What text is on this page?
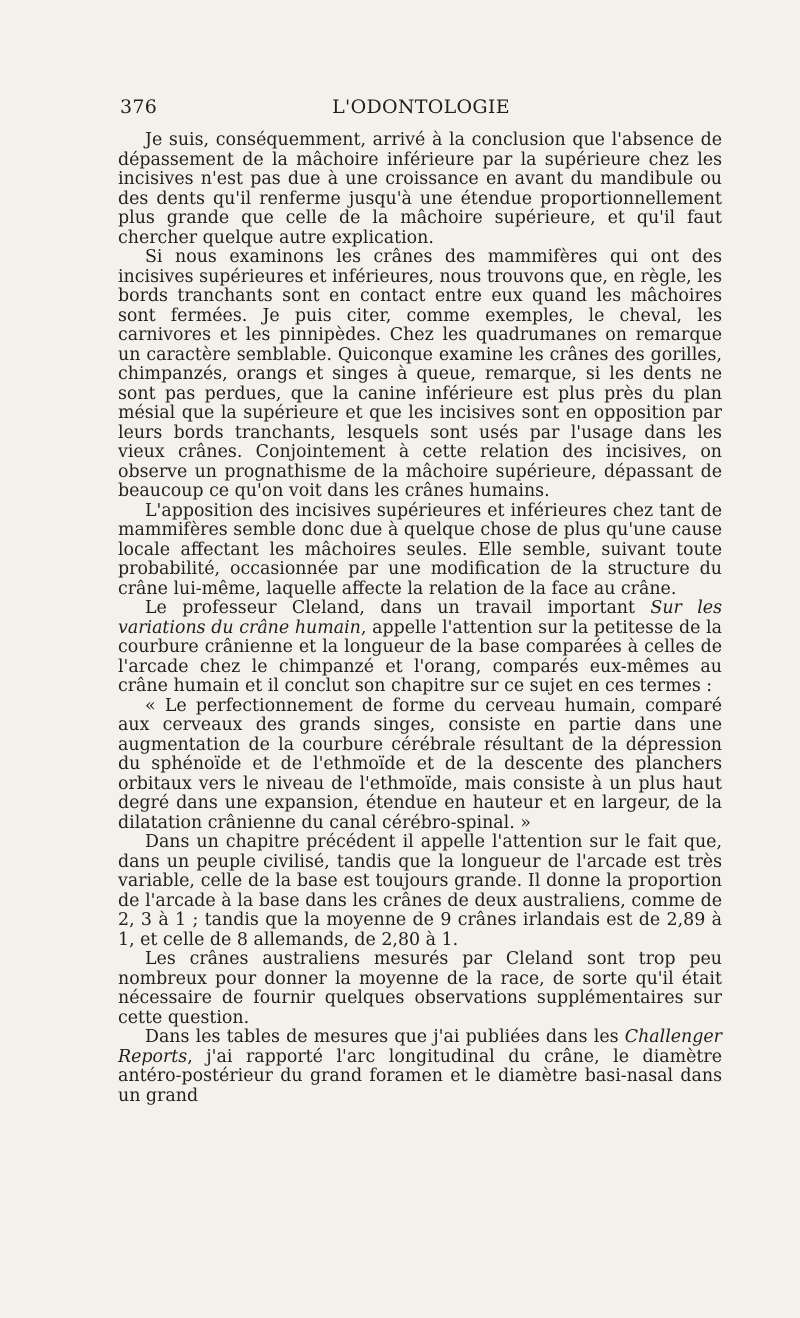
376	L'ODONTOLOGIE

Je suis, conséquemment, arrivé à la conclusion que l'absence de dépassement de la mâchoire inférieure par la supérieure chez les incisives n'est pas due à une croissance en avant du mandibule ou des dents qu'il renferme jusqu'à une étendue proportionnellement plus grande que celle de la mâchoire supérieure, et qu'il faut chercher quelque autre explication.

Si nous examinons les crânes des mammifères qui ont des incisives supérieures et inférieures, nous trouvons que, en règle, les bords tranchants sont en contact entre eux quand les mâchoires sont fermées. Je puis citer, comme exemples, le cheval, les carnivores et les pinnipèdes. Chez les quadrumanes on remarque un caractère semblable. Quiconque examine les crânes des gorilles, chimpanzés, orangs et singes à queue, remarque, si les dents ne sont pas perdues, que la canine inférieure est plus près du plan mésial que la supérieure et que les incisives sont en opposition par leurs bords tranchants, lesquels sont usés par l'usage dans les vieux crânes. Conjointement à cette relation des incisives, on observe un prognathisme de la mâchoire supérieure, dépassant de beaucoup ce qu'on voit dans les crânes humains.

L'apposition des incisives supérieures et inférieures chez tant de mammifères semble donc due à quelque chose de plus qu'une cause locale affectant les mâchoires seules. Elle semble, suivant toute probabilité, occasionnée par une modification de la structure du crâne lui-même, laquelle affecte la relation de la face au crâne.

Le professeur Cleland, dans un travail important Sur les variations du crâne humain, appelle l'attention sur la petitesse de la courbure crânienne et la longueur de la base comparées à celles de l'arcade chez le chimpanzé et l'orang, comparés eux-mêmes au crâne humain et il conclut son chapitre sur ce sujet en ces termes :

« Le perfectionnement de forme du cerveau humain, comparé aux cerveaux des grands singes, consiste en partie dans une augmentation de la courbure cérébrale résultant de la dépression du sphénoïde et de l'ethmoïde et de la descente des planchers orbitaux vers le niveau de l'ethmoïde, mais consiste à un plus haut degré dans une expansion, étendue en hauteur et en largeur, de la dilatation crânienne du canal cérébro-spinal. »

Dans un chapitre précédent il appelle l'attention sur le fait que, dans un peuple civilisé, tandis que la longueur de l'arcade est très variable, celle de la base est toujours grande. Il donne la proportion de l'arcade à la base dans les crânes de deux australiens, comme de 2, 3 à 1 ; tandis que la moyenne de 9 crânes irlandais est de 2,89 à 1, et celle de 8 allemands, de 2,80 à 1.

Les crânes australiens mesurés par Cleland sont trop peu nombreux pour donner la moyenne de la race, de sorte qu'il était nécessaire de fournir quelques observations supplémentaires sur cette question.

Dans les tables de mesures que j'ai publiées dans les Challenger Reports, j'ai rapporté l'arc longitudinal du crâne, le diamètre antéro-postérieur du grand foramen et le diamètre basi-nasal dans un grand
